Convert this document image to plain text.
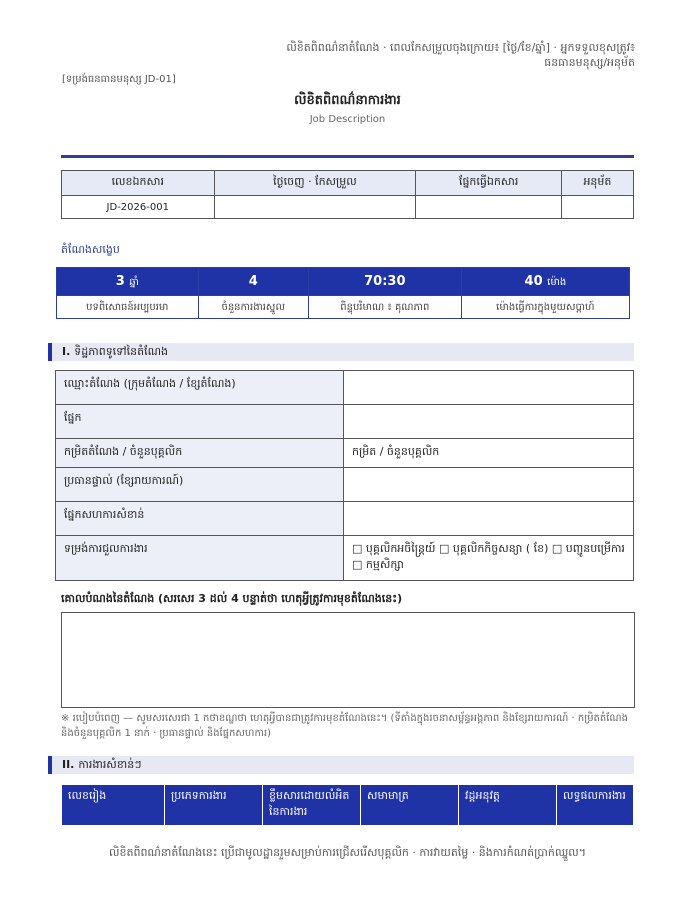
លិខិតពិពណ៌នាតំណែង · ពេលកែសម្រួលចុងក្រោយ៖ [ថ្ងៃ/ខែ/ឆ្នាំ] · អ្នកទទួលខុសត្រូវ៖
ធនធានមនុស្ស/អនុម័ត
[ទម្រង់ធនធានមនុស្ស JD-01]
លិខិតពិពណ៌នាការងារ
Job Description
លេខឯកសារ	ថ្ងៃចេញ · កែសម្រួល	ផ្នែកធ្វើឯកសារ	អនុម័ត
JD-2026-001			
តំណែងសង្ខេប
3 ឆ្នាំ	4	70:30	40 ម៉ោង
បទពិសោធន៍អប្បបរមា	ចំនួនការងារស្នូល	ពិន្ទុបរិមាណ ៖ គុណភាព	ម៉ោងធ្វើការក្នុងមួយសប្តាហ៍
I. ទិដ្ឋភាពទូទៅនៃតំណែង
ឈ្មោះតំណែង (ក្រុមតំណែង / ខ្សែតំណែង)	
ផ្នែក	
កម្រិតតំណែង / ចំនួនបុគ្គលិក	កម្រិត / ចំនួនបុគ្គលិក
ប្រធានផ្ទាល់ (ខ្សែរាយការណ៍)	
ផ្នែកសហការសំខាន់	
ទម្រង់ការជួលការងារ	□ បុគ្គលិកអចិន្ត្រៃយ៍ □ បុគ្គលិកកិច្ចសន្យា ( ខែ) □ បញ្ជូនបម្រើការ □ កម្មសិក្សា
គោលបំណងនៃតំណែង (សរសេរ 3 ដល់ 4 បន្ទាត់ថា ហេតុអ្វីត្រូវការមុខតំណែងនេះ)
※ របៀបបំពេញ — សូមសរសេរជា 1 កថាខណ្ឌថា ហេតុអ្វីបានជាត្រូវការមុខតំណែងនេះ។ (ទីតាំងក្នុងរចនាសម្ព័ន្ធអង្គភាព និងខ្សែរាយការណ៍ · កម្រិតតំណែង និងចំនួនបុគ្គលិក 1 នាក់ · ប្រធានផ្ទាល់ និងផ្នែកសហការ)
II. ការងារសំខាន់ៗ
លេខរៀង	ប្រភេទការងារ	ខ្លឹមសារដោយលំអិតនៃការងារ	សមាមាត្រ	វដ្តអនុវត្ត	លទ្ធផលការងារ
លិខិតពិពណ៌នាតំណែងនេះ ប្រើជាមូលដ្ឋានរួមសម្រាប់ការជ្រើសរើសបុគ្គលិក · ការវាយតម្លៃ · និងការកំណត់ប្រាក់ឈ្នួល។
